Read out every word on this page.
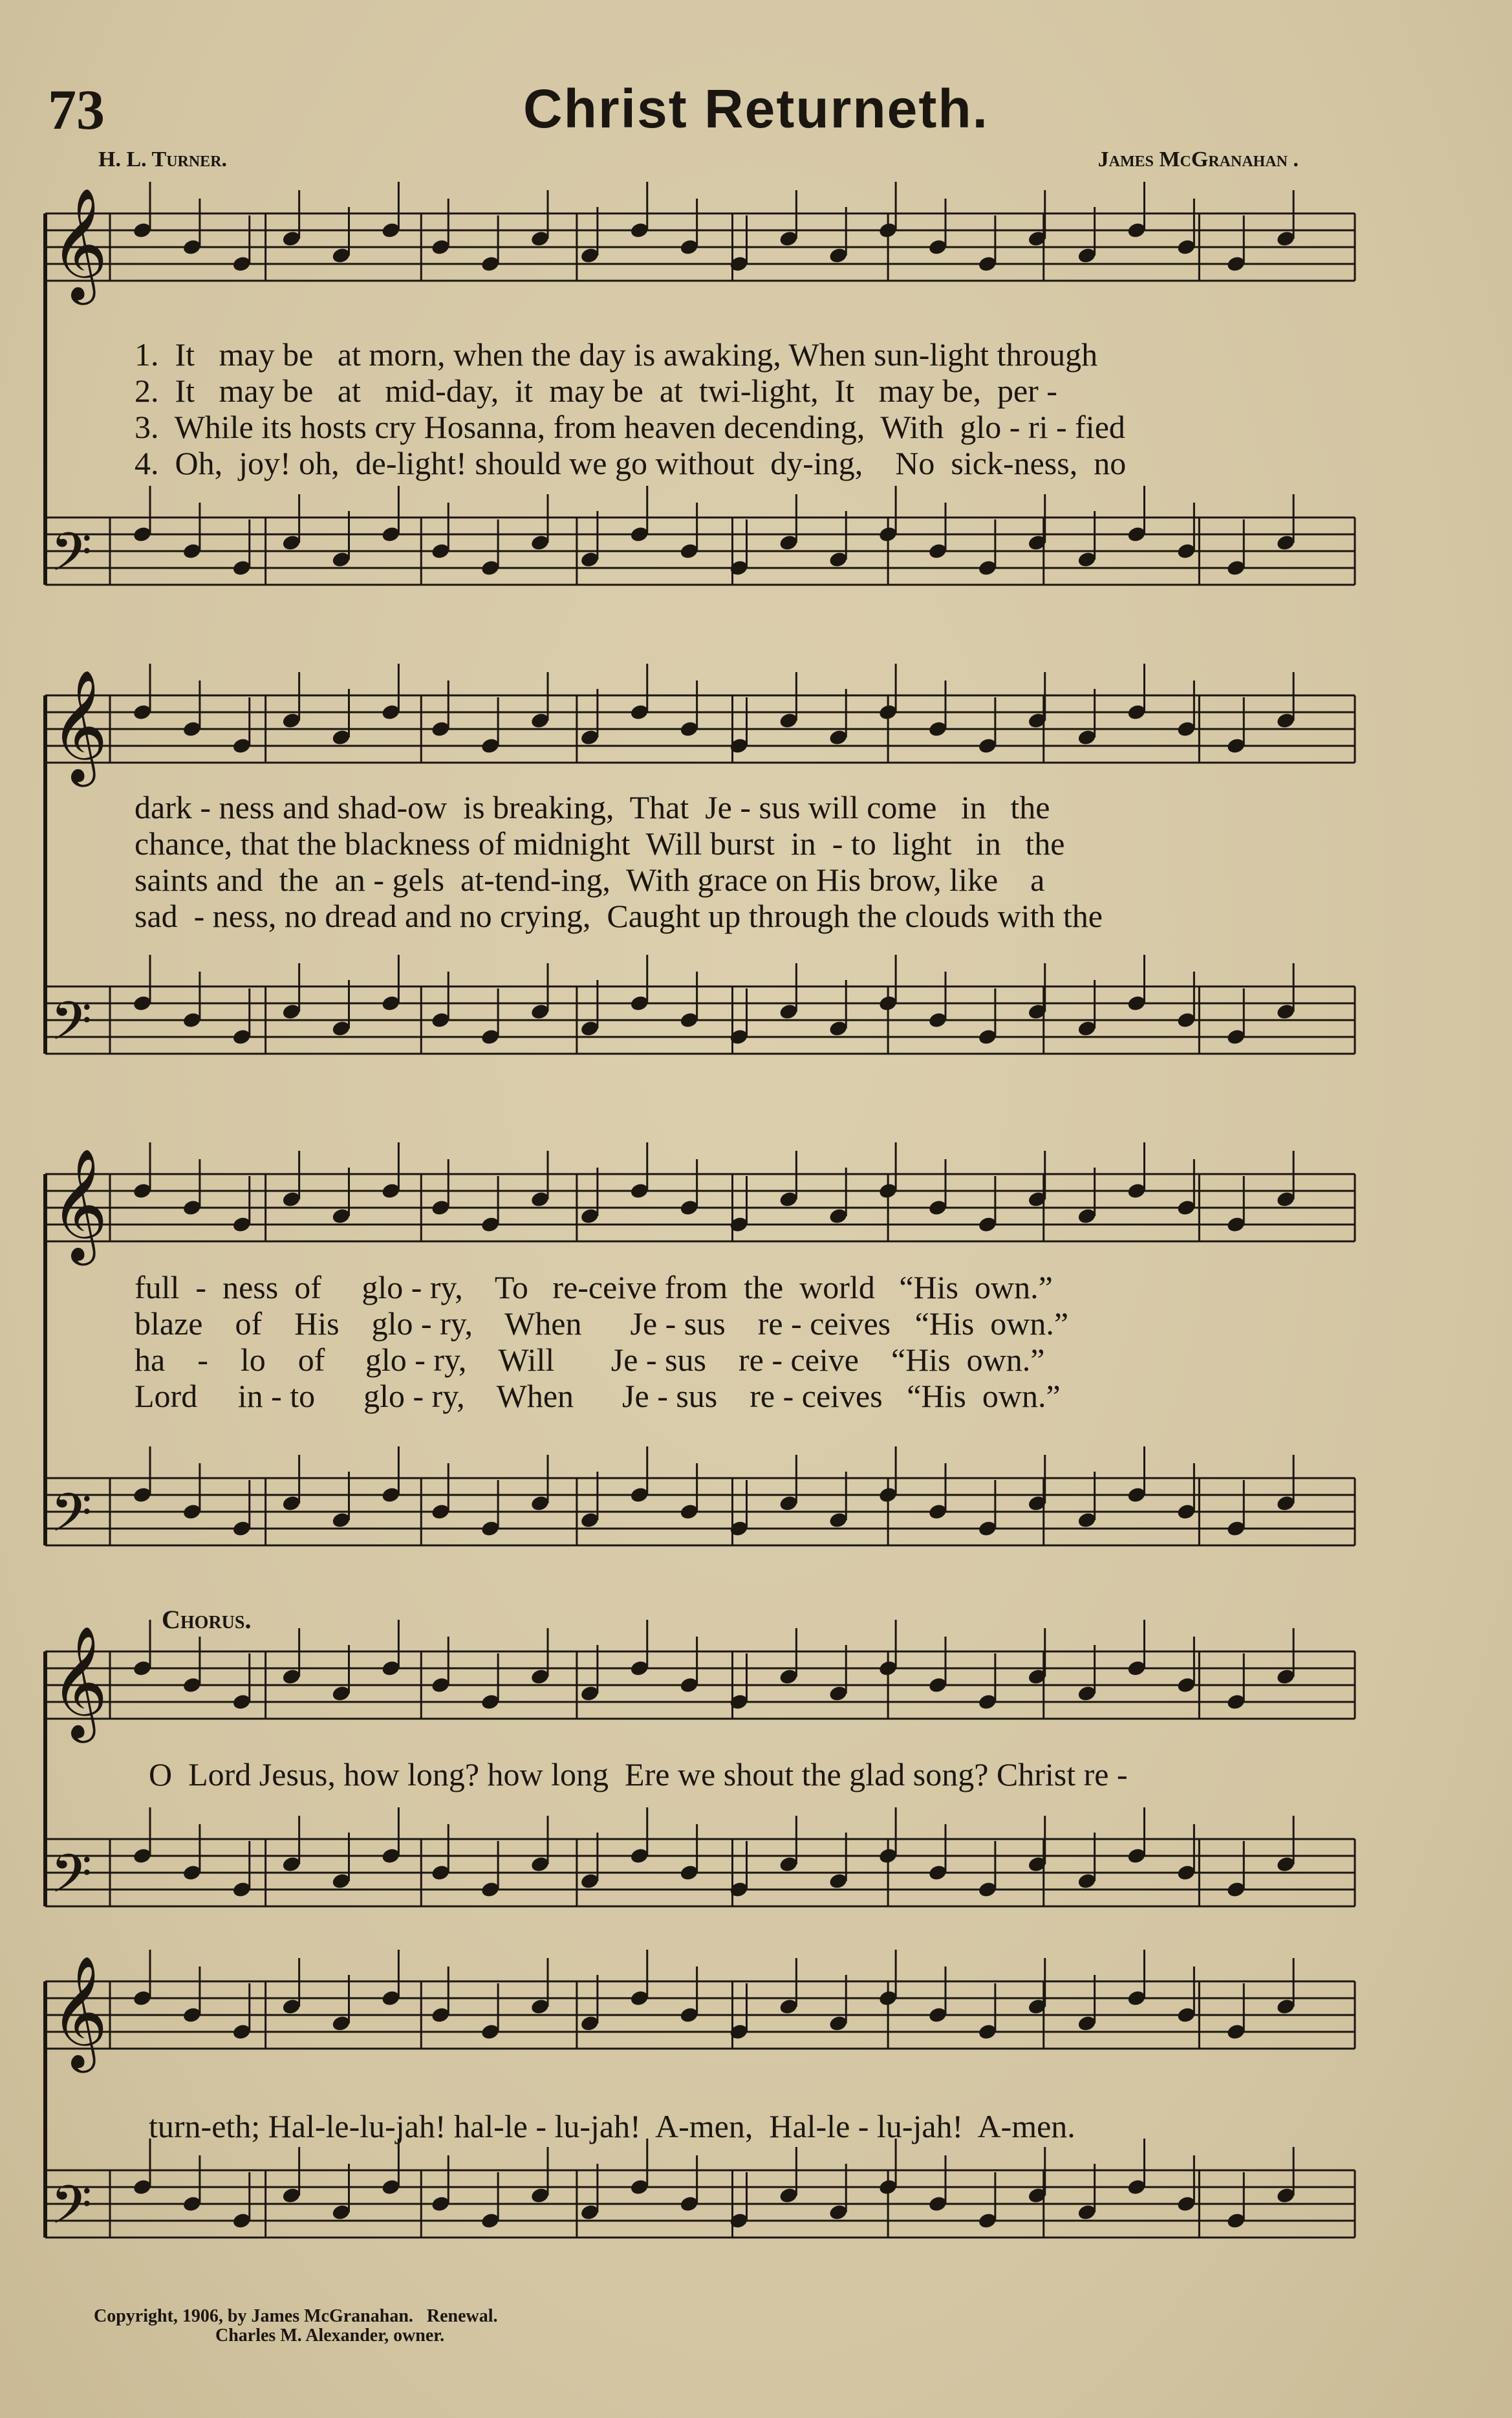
73	Christ Returneth.
H. L. Turner.	James McGranahan .
𝄞
𝄢
1.  It   may be   at morn, when the day is awaking, When sun-light through
2.  It   may be   at   mid-day,  it  may be  at  twi-light,  It   may be,  per -
3.  While its hosts cry Hosanna, from heaven decending,  With  glo - ri - fied
4.  Oh,  joy! oh,  de-light! should we go without  dy-ing,    No  sick-ness,  no
𝄞
𝄢
dark - ness and shad-ow  is breaking,  That  Je - sus will come   in   the
chance, that the blackness of midnight  Will burst  in  - to  light   in   the
saints and  the  an - gels  at-tend-ing,  With grace on His brow, like    a
sad  - ness, no dread and no crying,  Caught up through the clouds with the
𝄞
𝄢
full  -  ness  of     glo - ry,    To   re-ceive from  the  world   “His  own.”
blaze    of    His    glo - ry,    When      Je - sus    re - ceives   “His  own.”
ha    -    lo    of     glo - ry,    Will       Je - sus    re - ceive    “His  own.”
Lord     in - to      glo - ry,    When      Je - sus    re - ceives   “His  own.”
Chorus.
𝄞
𝄢
O  Lord Jesus, how long? how long  Ere we shout the glad song? Christ re -
𝄞
𝄢
turn-eth; Hal-le-lu-jah! hal-le - lu-jah!  A-men,  Hal-le - lu-jah!  A-men.
Copyright, 1906, by James McGranahan.   Renewal.
Charles M. Alexander, owner.
